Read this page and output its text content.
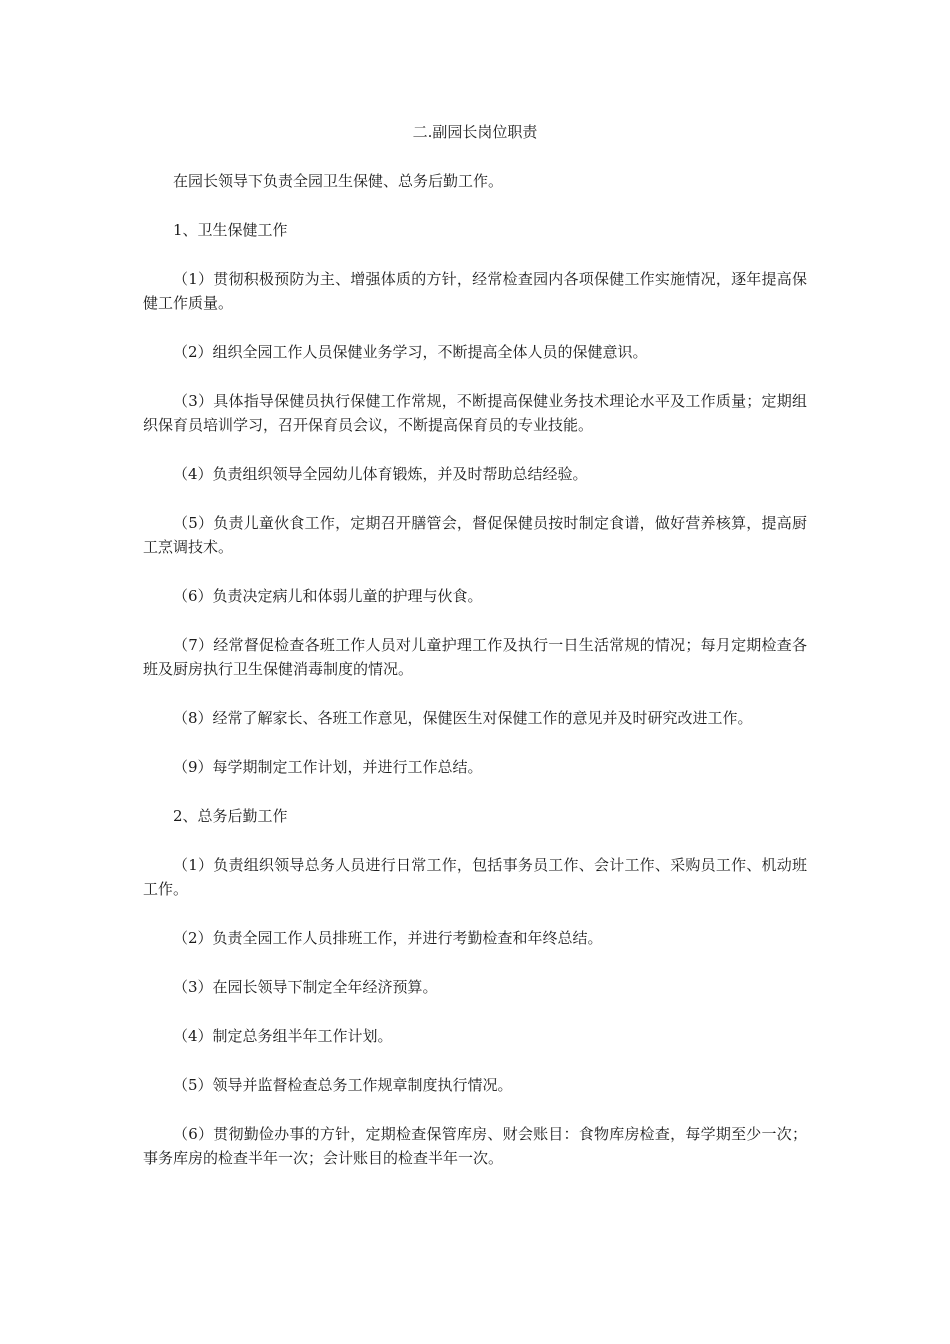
二.副园长岗位职责

在园长领导下负责全园卫生保健、总务后勤工作。

1、卫生保健工作

（1）贯彻积极预防为主、增强体质的方针，经常检查园内各项保健工作实施情况，逐年提高保健工作质量。

（2）组织全园工作人员保健业务学习，不断提高全体人员的保健意识。

（3）具体指导保健员执行保健工作常规，不断提高保健业务技术理论水平及工作质量；定期组织保育员培训学习，召开保育员会议，不断提高保育员的专业技能。

（4）负责组织领导全园幼儿体育锻炼，并及时帮助总结经验。

（5）负责儿童伙食工作，定期召开膳管会，督促保健员按时制定食谱，做好营养核算，提高厨工烹调技术。

（6）负责决定病儿和体弱儿童的护理与伙食。

（7）经常督促检查各班工作人员对儿童护理工作及执行一日生活常规的情况；每月定期检查各班及厨房执行卫生保健消毒制度的情况。

（8）经常了解家长、各班工作意见，保健医生对保健工作的意见并及时研究改进工作。

（9）每学期制定工作计划，并进行工作总结。

2、总务后勤工作

（1）负责组织领导总务人员进行日常工作，包括事务员工作、会计工作、采购员工作、机动班工作。

（2）负责全园工作人员排班工作，并进行考勤检查和年终总结。

（3）在园长领导下制定全年经济预算。

（4）制定总务组半年工作计划。

（5）领导并监督检查总务工作规章制度执行情况。

（6）贯彻勤俭办事的方针，定期检查保管库房、财会账目：食物库房检查，每学期至少一次；事务库房的检查半年一次；会计账目的检查半年一次。
